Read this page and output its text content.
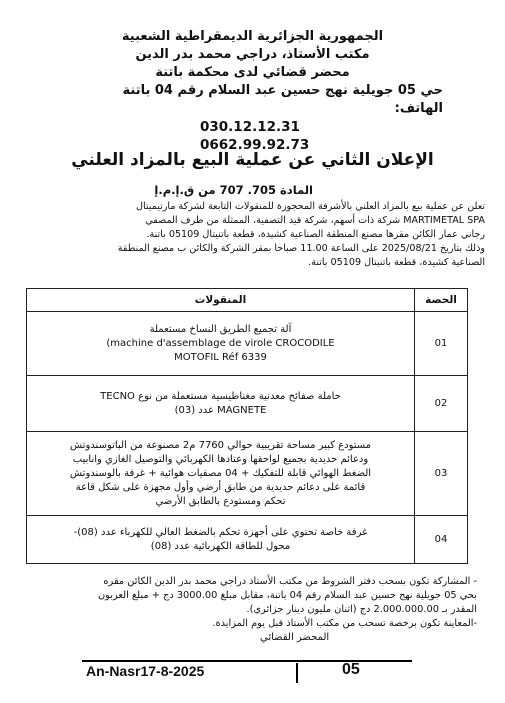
الجمهورية الجزائرية الديمقراطية الشعبية
مكتب الأستاذ، دراجي محمد بدر الدين
محضر قضائي لدى محكمة باتنة
حي 05 جويلية نهج حسين عبد السلام رقم 04 باتنة
الهاتف:
030.12.12.31
0662.99.92.73
الإعلان الثاني عن عملية البيع بالمزاد العلني
المادة 705. 707 من ق.إ.م.إ
تعلن عن عملية بيع بالمزاد العلني بالأشرفة المحجوزة للمنقولات التابعة لشركة مارتيميتال
MARTIMETAL SPA شركة ذات أسهم، شركة قيد التصفية، الممثلة من طرف المصفي
رجاني عمار الكائن مقرها مصنع المنطقة الصناعية كشيدة، قطعة باتنيتال 05109 باتنة.
وذلك بتاريخ 2025/08/21 على الساعة 11.00 صباحا بمقر الشركة والكائن ب مصنع المنطقة
الصناعية كشيدة، قطعة باتنيتال 05109 باتنة.
المنقولات	الحصة

آلة تجميع الطريق النساخ مستعملة
machine d'assemblage de virole CROCODILE)
MOTOFIL Réf 6339	01

حاملة صفائح معدنية مغناطيسية مستعملة من نوع TECNO
MAGNETE عدد (03)	02

مستودع كبير مساحة تقريبية حوالي 7760 م2 مصنوعة من الباتوسندوتش
ودعائم حديدية بجميع لواحقها وعتادها الكهربائي والتوصيل الغازي وانابيب
الضغط الهوائي قابلة للتفكيك + 04 مصفيات هوائية + غرفة بالوسندوتش
قائمة على دعائم حديدية من طابق أرضي وأول مجهزة على شكل قاعة
تحكم ومستودع بالطابق الأرضي	03

غرفة خاصة تحتوي على أجهزة تحكم بالضغط العالي للكهرباء عدد (08)-
محول للطاقة الكهربائية عدد (08)	04
- المشاركة تكون بسحب دفتر الشروط من مكتب الأستاذ دراجي محمد بدر الدين الكائن مقره
بحي 05 جويلية نهج حسين عبد السلام رقم 04 باتنة، مقابل مبلغ 3000.00 دج + مبلغ العربون
المقدر بـ 2.000.000.00 دج (اثنان مليون دينار جزائري).
-المعاينة تكون برخصة تسحب من مكتب الأستاذ قبل يوم المزايدة.
المحضر القضائي
An-Nasr17-8-2025	05
